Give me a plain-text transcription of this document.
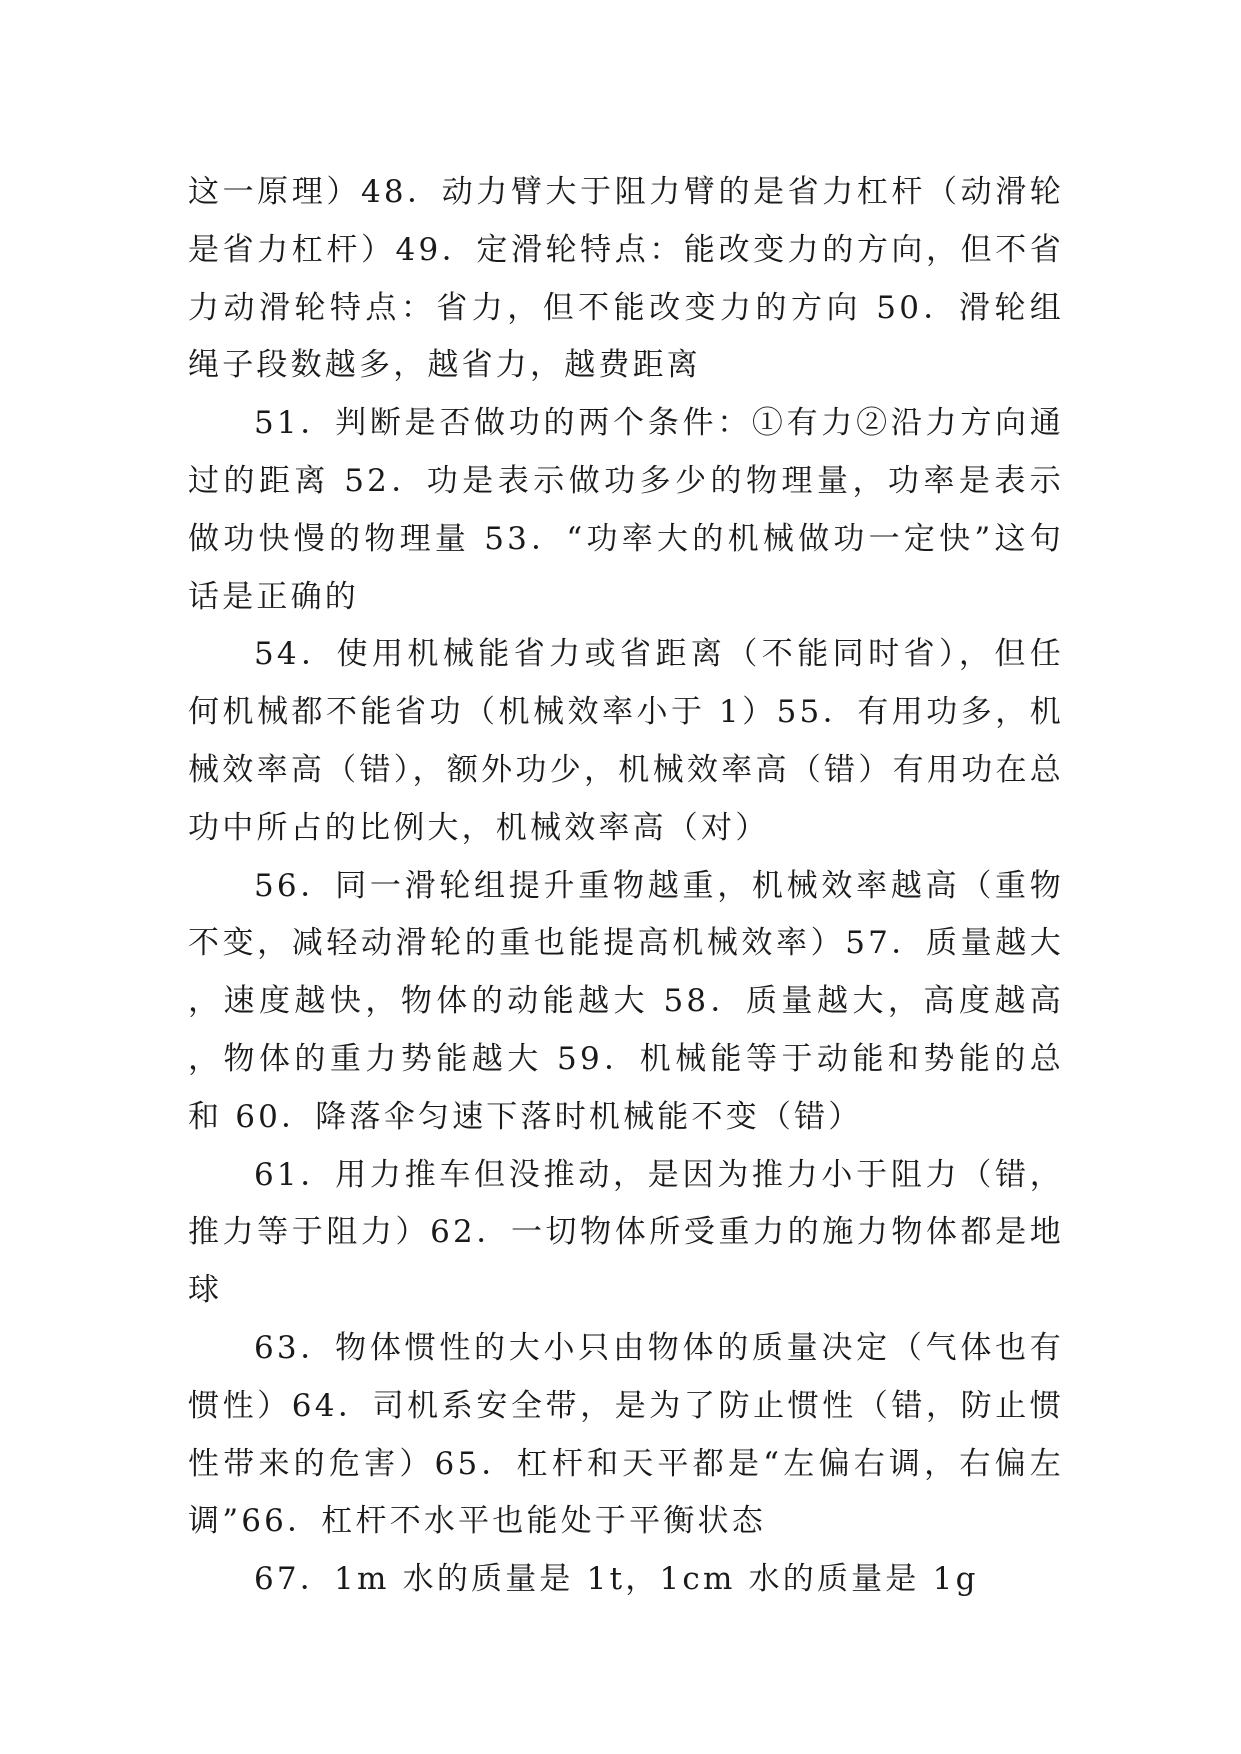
这一原理）48．动力臂大于阻力臂的是省力杠杆（动滑轮是省力杠杆）49．定滑轮特点：能改变力的方向，但不省力动滑轮特点：省力，但不能改变力的方向 50．滑轮组绳子段数越多，越省力，越费距离

51．判断是否做功的两个条件：①有力②沿力方向通过的距离 52．功是表示做功多少的物理量，功率是表示做功快慢的物理量 53．“功率大的机械做功一定快”这句话是正确的

54．使用机械能省力或省距离（不能同时省），但任何机械都不能省功（机械效率小于 1）55．有用功多，机械效率高（错），额外功少，机械效率高（错）有用功在总功中所占的比例大，机械效率高（对）

56．同一滑轮组提升重物越重，机械效率越高（重物不变，减轻动滑轮的重也能提高机械效率）57．质量越大，速度越快，物体的动能越大 58．质量越大，高度越高，物体的重力势能越大 59．机械能等于动能和势能的总和 60．降落伞匀速下落时机械能不变（错）

61．用力推车但没推动，是因为推力小于阻力（错，推力等于阻力）62．一切物体所受重力的施力物体都是地球

63．物体惯性的大小只由物体的质量决定（气体也有惯性）64．司机系安全带，是为了防止惯性（错，防止惯性带来的危害）65．杠杆和天平都是“左偏右调，右偏左调”66．杠杆不水平也能处于平衡状态

67．1m 水的质量是 1t，1cm 水的质量是 1g
